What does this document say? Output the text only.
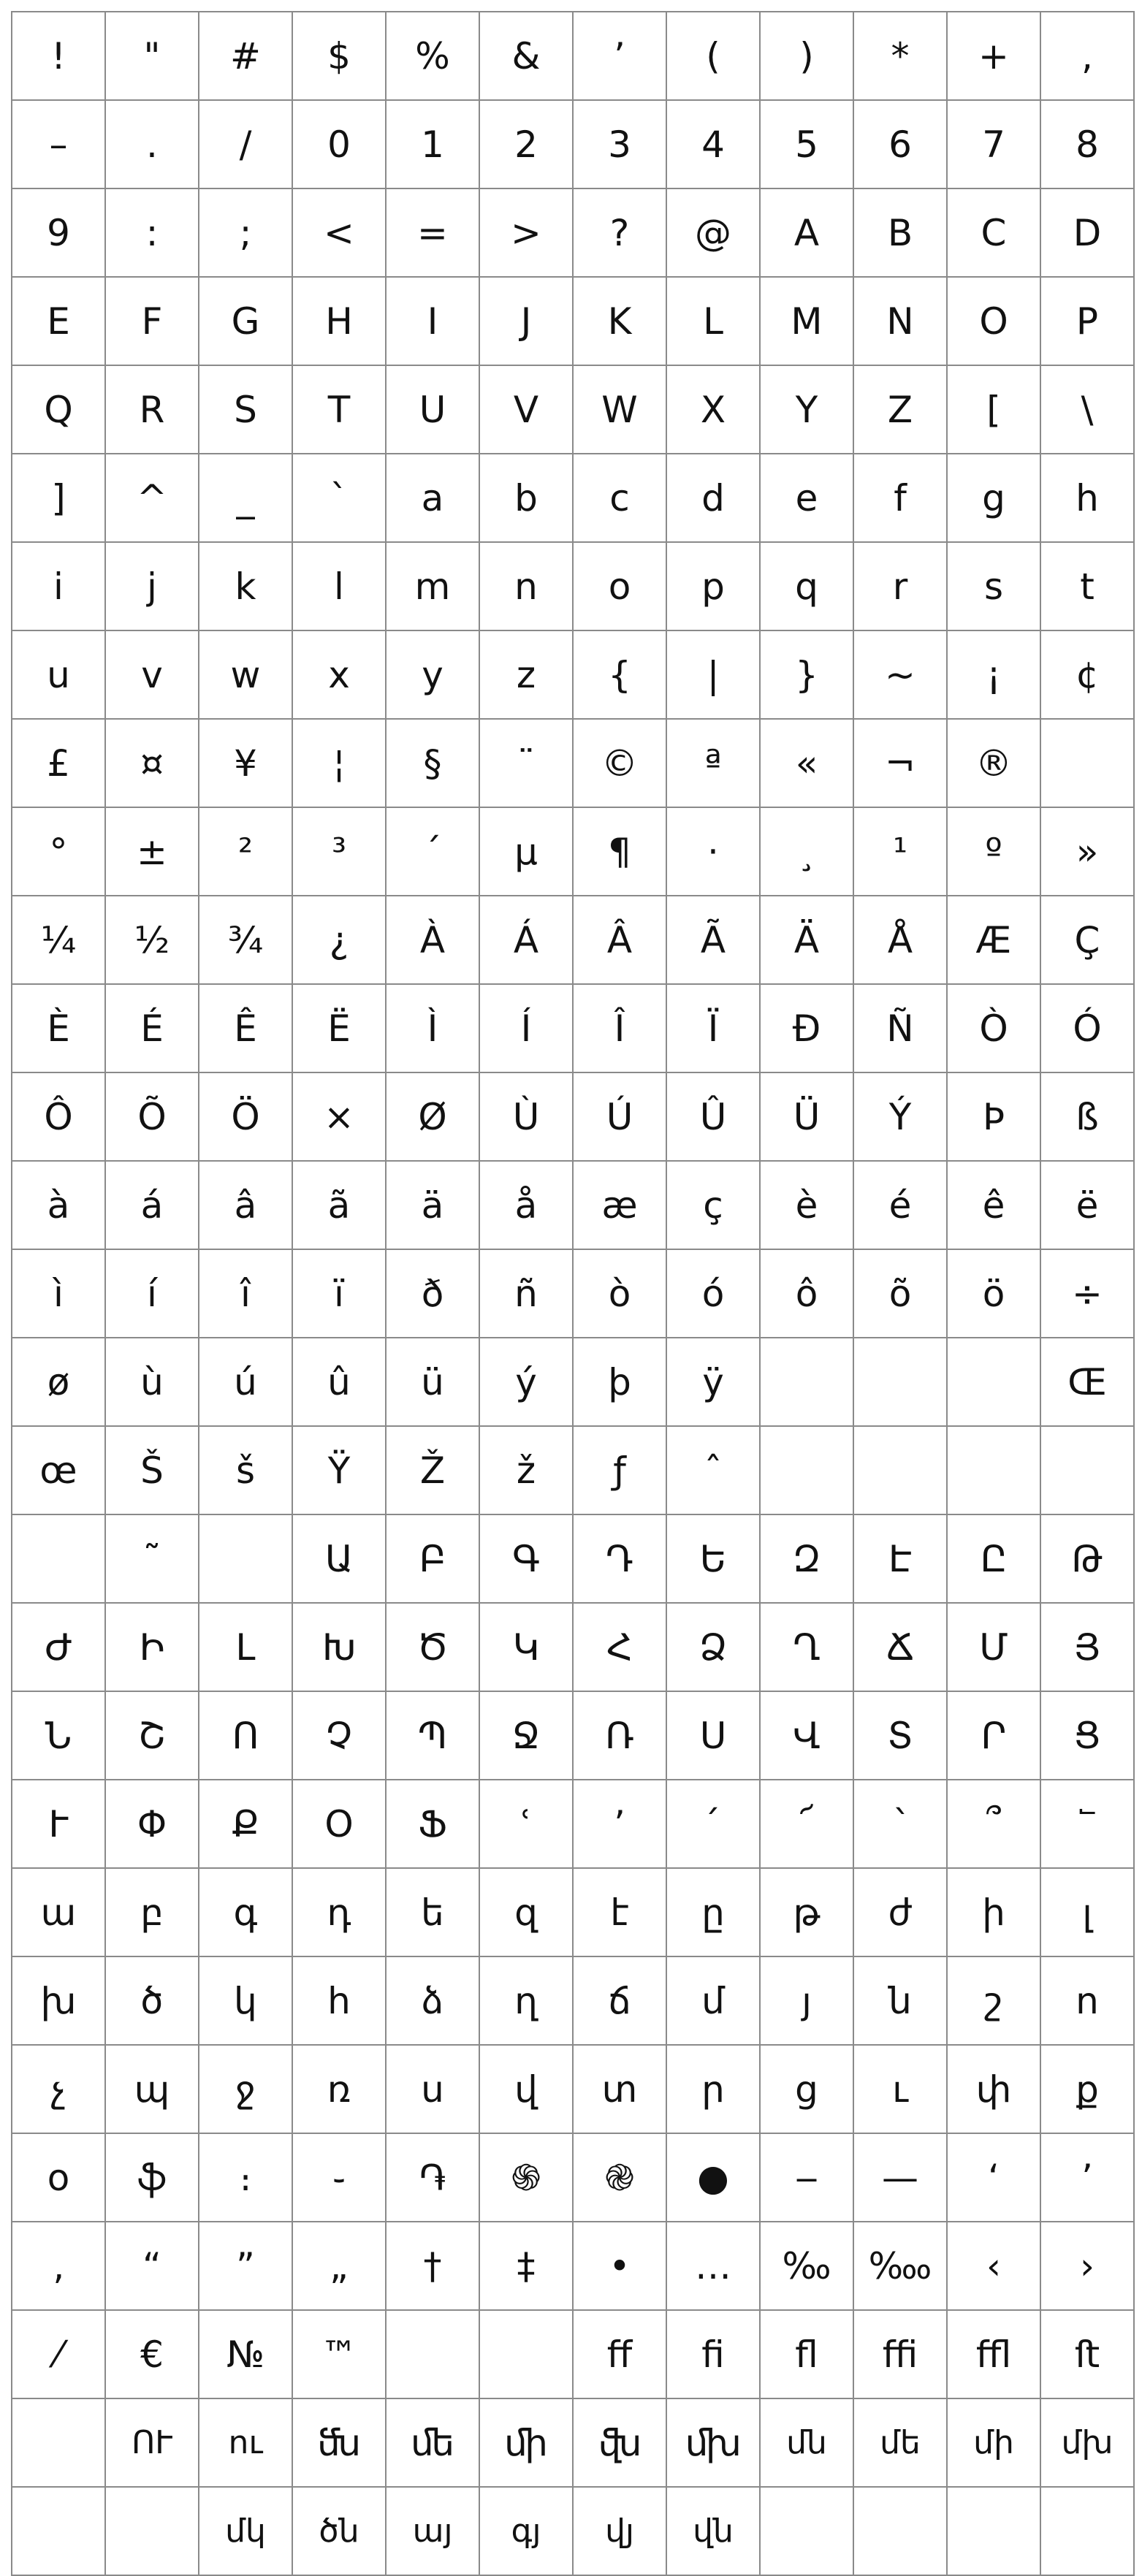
!	"	#	$	%	&	ʼ	(	)	*	+	,
–	.	/	0	1	2	3	4	5	6	7	8
9	:	;	<	=	>	?	@	A	B	C	D
E	F	G	H	I	J	K	L	M	N	O	P
Q	R	S	T	U	V	W	X	Y	Z	[	\
]	^	_	`	a	b	c	d	e	f	g	h
i	j	k	l	m	n	o	p	q	r	s	t
u	v	w	x	y	z	{	|	}	~	¡	¢
£	¤	¥	¦	§	¨	©	ª	«	¬	®	
°	±	²	³	´	µ	¶	·	¸	¹	º	»
¼	½	¾	¿	À	Á	Â	Ã	Ä	Å	Æ	Ç
È	É	Ê	Ë	Ì	Í	Î	Ï	Ð	Ñ	Ò	Ó
Ô	Õ	Ö	×	Ø	Ù	Ú	Û	Ü	Ý	Þ	ß
à	á	â	ã	ä	å	æ	ç	è	é	ê	ë
ì	í	î	ï	ð	ñ	ò	ó	ô	õ	ö	÷
ø	ù	ú	û	ü	ý	þ	ÿ				Œ
œ	Š	š	Ÿ	Ž	ž	ƒ	ˆ				
	˜		Ա	Բ	Գ	Դ	Ե	Զ	Է	Ը	Թ
Ժ	Ի	Լ	Խ	Ծ	Կ	Հ	Ձ	Ղ	Ճ	Մ	Յ
Ն	Շ	Ո	Չ	Պ	Ջ	Ռ	Ս	Վ	Տ	Ր	Ց
Ւ	Փ	Ք	Օ	Ֆ	ՙ	՚	՛	՜	՝	՞	՟
ա	բ	գ	դ	ե	զ	է	ը	թ	ժ	ի	լ
խ	ծ	կ	հ	ձ	ղ	ճ	մ	յ	ն	շ	ո
չ	պ	ջ	ռ	ս	վ	տ	ր	ց	ւ	փ	ք
օ	ֆ	։	֊	֏	֍	֎	●	‒	—	‘	’
‚	“	”	„	†	‡	•	…	‰	‱	‹	›
⁄	€	№	™			ﬀ	ﬁ	ﬂ	ﬃ	ﬄ	ﬅ
	ՈՒ	ու	ﬓ	ﬔ	ﬕ	ﬖ	ﬗ	մն	մե	մի	մխ
		մկ	ծն	այ	գյ	վյ	վն				
